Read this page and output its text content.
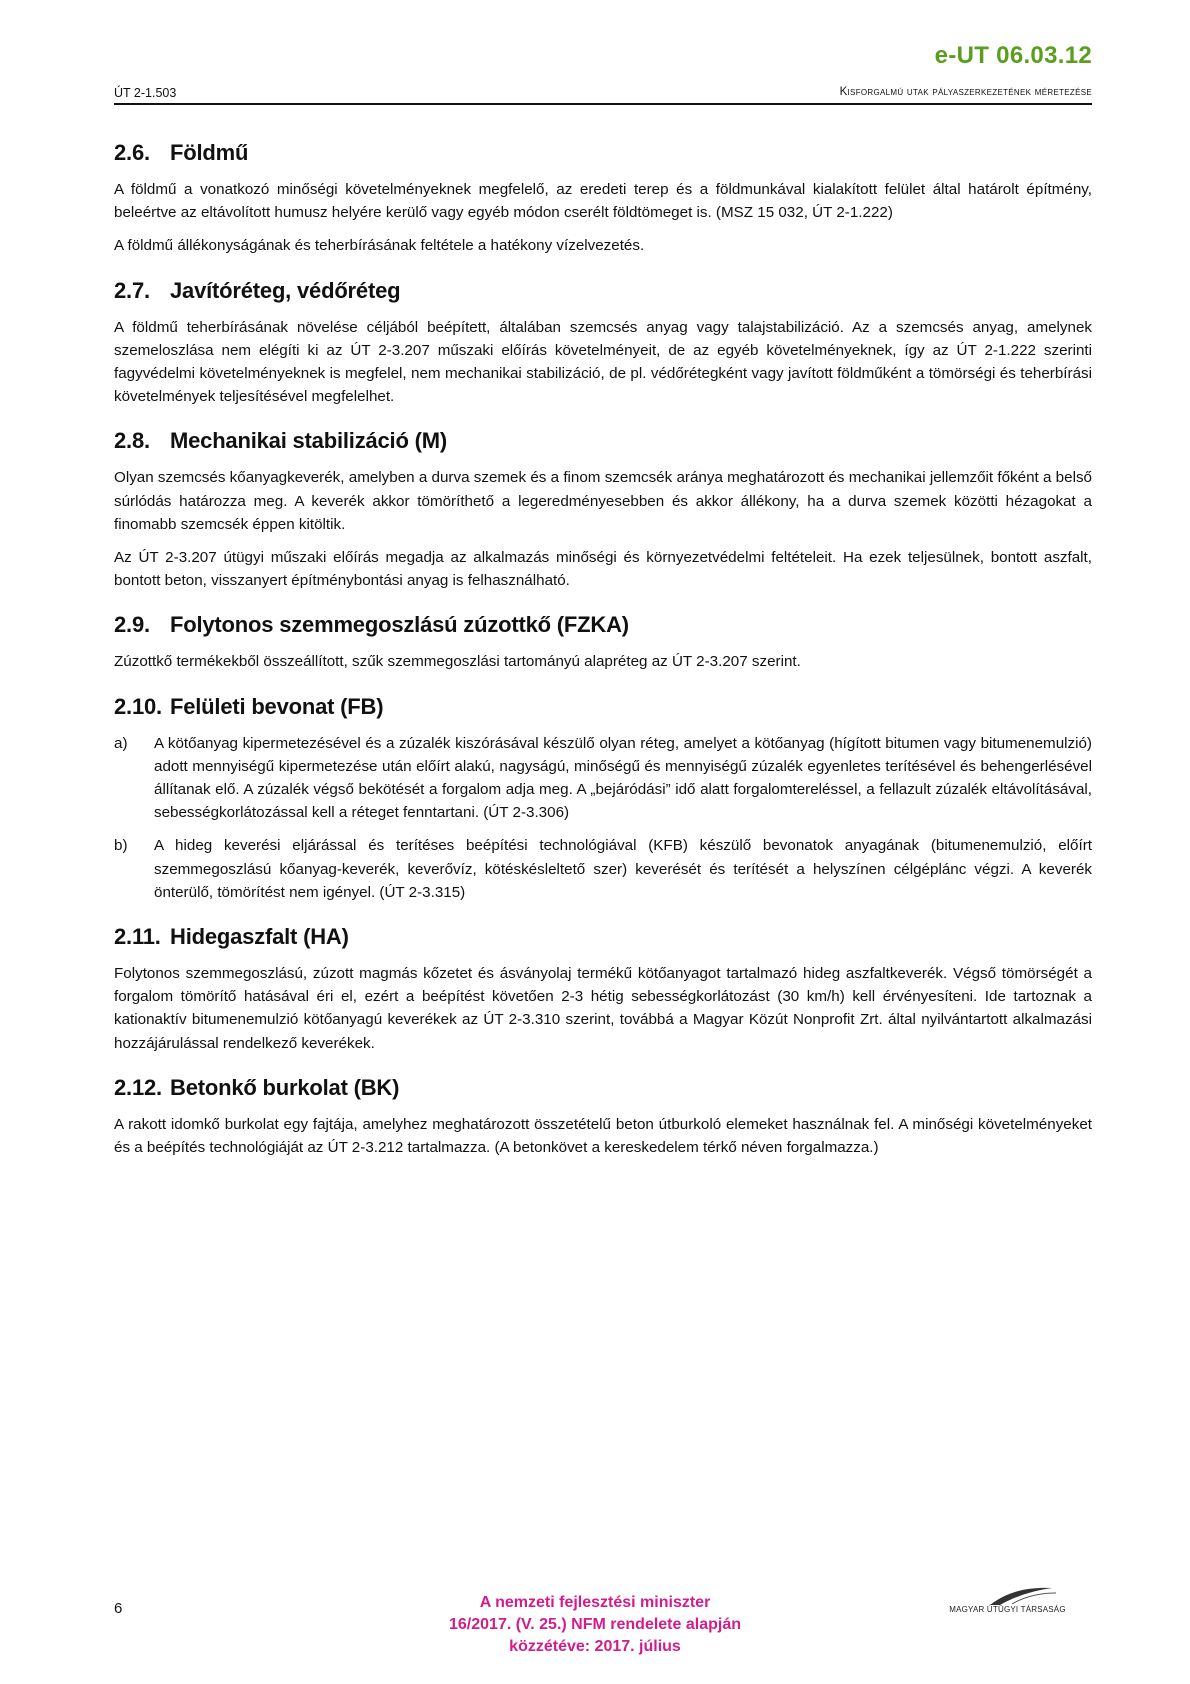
e-UT 06.03.12
ÚT 2-1.503	Kisforgalmú utak pályaszerkezetének méretezése
2.6. Földmű

A földmű a vonatkozó minőségi követelményeknek megfelelő, az eredeti terep és a földmunkával kialakított felület által határolt építmény, beleértve az eltávolított humusz helyére kerülő vagy egyéb módon cserélt földtömeget is. (MSZ 15 032, ÚT 2-1.222)

A földmű állékonyságának és teherbírásának feltétele a hatékony vízelvezetés.

2.7. Javítóréteg, védőréteg

A földmű teherbírásának növelése céljából beépített, általában szemcsés anyag vagy talajstabilizáció. Az a szemcsés anyag, amelynek szemeloszlása nem elégíti ki az ÚT 2-3.207 műszaki előírás követelményeit, de az egyéb követelményeknek, így az ÚT 2-1.222 szerinti fagyvédelmi követelményeknek is megfelel, nem mechanikai stabilizáció, de pl. védőrétegként vagy javított földműként a tömörségi és teherbírási követelmények teljesítésével megfelelhet.

2.8. Mechanikai stabilizáció (M)

Olyan szemcsés kőanyagkeverék, amelyben a durva szemek és a finom szemcsék aránya meghatározott és mechanikai jellemzőit főként a belső súrlódás határozza meg. A keverék akkor tömöríthető a legeredményesebben és akkor állékony, ha a durva szemek közötti hézagokat a finomabb szemcsék éppen kitöltik.

Az ÚT 2-3.207 útügyi műszaki előírás megadja az alkalmazás minőségi és környezetvédelmi feltételeit. Ha ezek teljesülnek, bontott aszfalt, bontott beton, visszanyert építménybontási anyag is felhasználható.

2.9. Folytonos szemmegoszlású zúzottkő (FZKA)

Zúzottkő termékekből összeállított, szűk szemmegoszlási tartományú alapréteg az ÚT 2-3.207 szerint.

2.10. Felületi bevonat (FB)
a)	A kötőanyag kipermetezésével és a zúzalék kiszórásával készülő olyan réteg, amelyet a kötőanyag (hígított bitumen vagy bitumenemulzió) adott mennyiségű kipermetezése után előírt alakú, nagyságú, minőségű és mennyiségű zúzalék egyenletes terítésével és behengerlésével állítanak elő. A zúzalék végső bekötését a forgalom adja meg. A „bejáródási” idő alatt forgalomtereléssel, a fellazult zúzalék eltávolításával, sebességkorlátozással kell a réteget fenntartani. (ÚT 2-3.306)
b)	A hideg keverési eljárással és terítéses beépítési technológiával (KFB) készülő bevonatok anyagának (bitumenemulzió, előírt szemmegoszlású kőanyag-keverék, keverővíz, kötéskésleltető szer) keverését és terítését a helyszínen célgéplánc végzi. A keverék önterülő, tömörítést nem igényel. (ÚT 2-3.315)
2.11. Hidegaszfalt (HA)

Folytonos szemmegoszlású, zúzott magmás kőzetet és ásványolaj termékű kötőanyagot tartalmazó hideg aszfaltkeverék. Végső tömörségét a forgalom tömörítő hatásával éri el, ezért a beépítést követően 2-3 hétig sebességkorlátozást (30 km/h) kell érvényesíteni. Ide tartoznak a kationaktív bitumenemulzió kötőanyagú keverékek az ÚT 2-3.310 szerint, továbbá a Magyar Közút Nonprofit Zrt. által nyilvántartott alkalmazási hozzájárulással rendelkező keverékek.

2.12. Betonkő burkolat (BK)

A rakott idomkő burkolat egy fajtája, amelyhez meghatározott összetételű beton útburkoló elemeket használnak fel. A minőségi követelményeket és a beépítés technológiáját az ÚT 2-3.212 tartalmazza. (A betonkövet a kereskedelem térkő néven forgalmazza.)

6	A nemzeti fejlesztési miniszter
16/2017. (V. 25.) NFM rendelete alapján
közzétéve: 2017. július
MAGYAR ÚTÜGYI TÁRSASÁG
